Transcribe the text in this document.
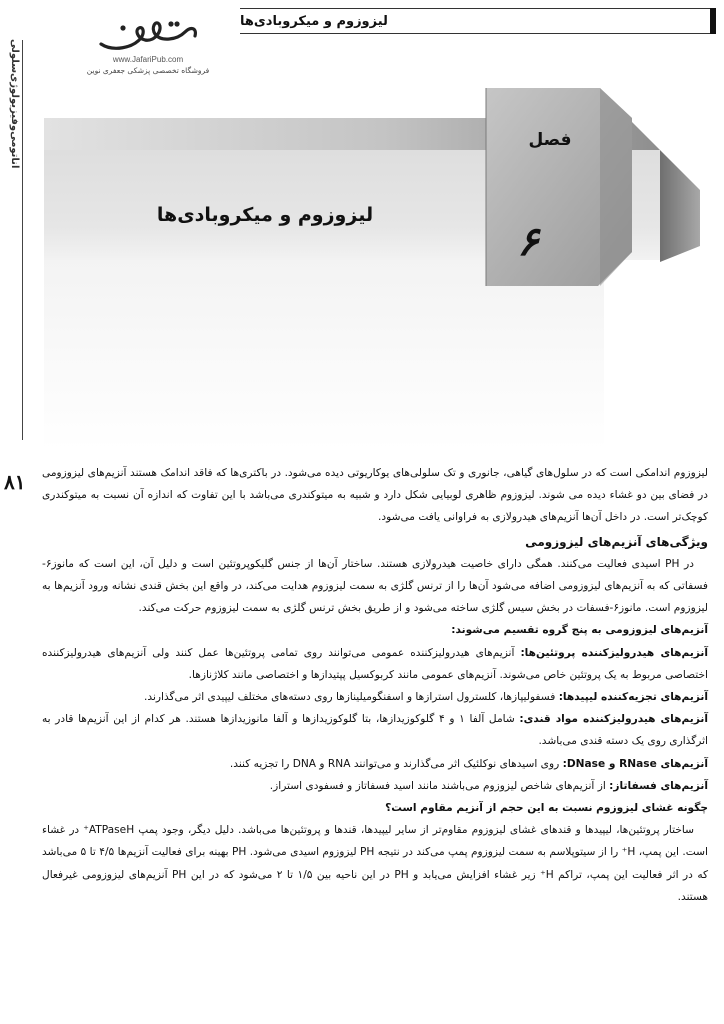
لیزوزوم و میکروبادی‌ها
آناتومی‌وفیزیولوژی‌سلولی
۸۱
www.JafariPub.com
فروشگاه تخصصی پزشکی جعفری نوین
فصل
۶
لیزوزوم و میکروبادی‌ها

لیزوزوم اندامکی است که در سلول‌های گیاهی، جانوری و تک سلولی‌های یوکاریوتی دیده می‌شود. در باکتری‌ها که فاقد اندامک هستند آنزیم‌های لیزوزومی در فضای بین دو غشاء دیده می شوند. لیزوزوم ظاهری لوبیایی شکل دارد و شبیه به میتوکندری می‌باشد با این تفاوت که اندازه آن نسبت به میتوکندری کوچک‌تر است. در داخل آن‌ها آنزیم‌های هیدرولازی به فراوانی یافت می‌شود.

ویژگی‌های آنزیم‌های لیزوزومی

در PH اسیدی فعالیت می‌کنند. همگی دارای خاصیت هیدرولازی هستند. ساختار آن‌ها از جنس گلیکوپروتئین است و دلیل آن، این است که مانوز۶-فسفاتی که به آنزیم‌های لیزوزومی اضافه می‌شود آن‌ها را از ترنس گلژی به سمت لیزوزوم هدایت می‌کند، در واقع این بخش قندی نشانه ورود آنزیم‌ها به لیزوزوم است. مانوز۶-فسفات در بخش سیس گلژی ساخته می‌شود و از طریق بخش ترنس گلژی به سمت لیزوزوم حرکت می‌کند.

آنزیم‌های لیزوزومی به پنج گروه تقسیم می‌شوند:

آنزیم‌های هیدرولیزکننده پروتئین‌ها: آنزیم‌های هیدرولیزکننده عمومی می‌توانند روی تمامی پروتئین‌ها عمل کنند ولی آنزیم‌های هیدرولیزکننده اختصاصی مربوط به یک پروتئین خاص می‌شوند. آنزیم‌های عمومی مانند کربوکسیل پپتیدازها و اختصاصی مانند کلاژنازها.

آنزیم‌های تجزیه‌کننده لیپیدها: فسفولیپازها، کلسترول استرازها و اسفنگومیلینازها روی دسته‌های مختلف لیپیدی اثر می‌گذارند.

آنزیم‌های هیدرولیزکننده مواد قندی: شامل آلفا ۱ و ۴ گلوکوزیدازها، بتا گلوکوزیدازها و آلفا مانوزیدازها هستند. هر کدام از این آنزیم‌ها قادر به اثرگذاری روی یک دسته قندی می‌باشد.

آنزیم‌های RNase و DNase: روی اسیدهای نوکلئیک اثر می‌گذارند و می‌توانند RNA و DNA را تجزیه کنند.

آنزیم‌های فسفاتاز: از آنزیم‌های شاخص لیزوزوم می‌باشند مانند اسید فسفاتاز و فسفودی استراز.

چگونه غشای لیزوزوم نسبت به این حجم از آنزیم مقاوم است؟

ساختار پروتئین‌ها، لیپیدها و قندهای غشای لیزوزوم مقاوم‌تر از سایر لیپیدها، قندها و پروتئین‌ها می‌باشد. دلیل دیگر، وجود پمپ ATPaseH⁺ در غشاء است. این پمپ، H⁺ را از سیتوپلاسم به سمت لیزوزوم پمپ می‌کند در نتیجه PH لیزوزوم اسیدی می‌شود. PH بهینه برای فعالیت آنزیم‌ها ۴/۵ تا ۵ می‌باشد که در اثر فعالیت این پمپ، تراکم H⁺ زیر غشاء افزایش می‌یابد و PH در این ناحیه بین ۱/۵ تا ۲ می‌شود که در این PH آنزیم‌های لیزوزومی غیرفعال هستند.
